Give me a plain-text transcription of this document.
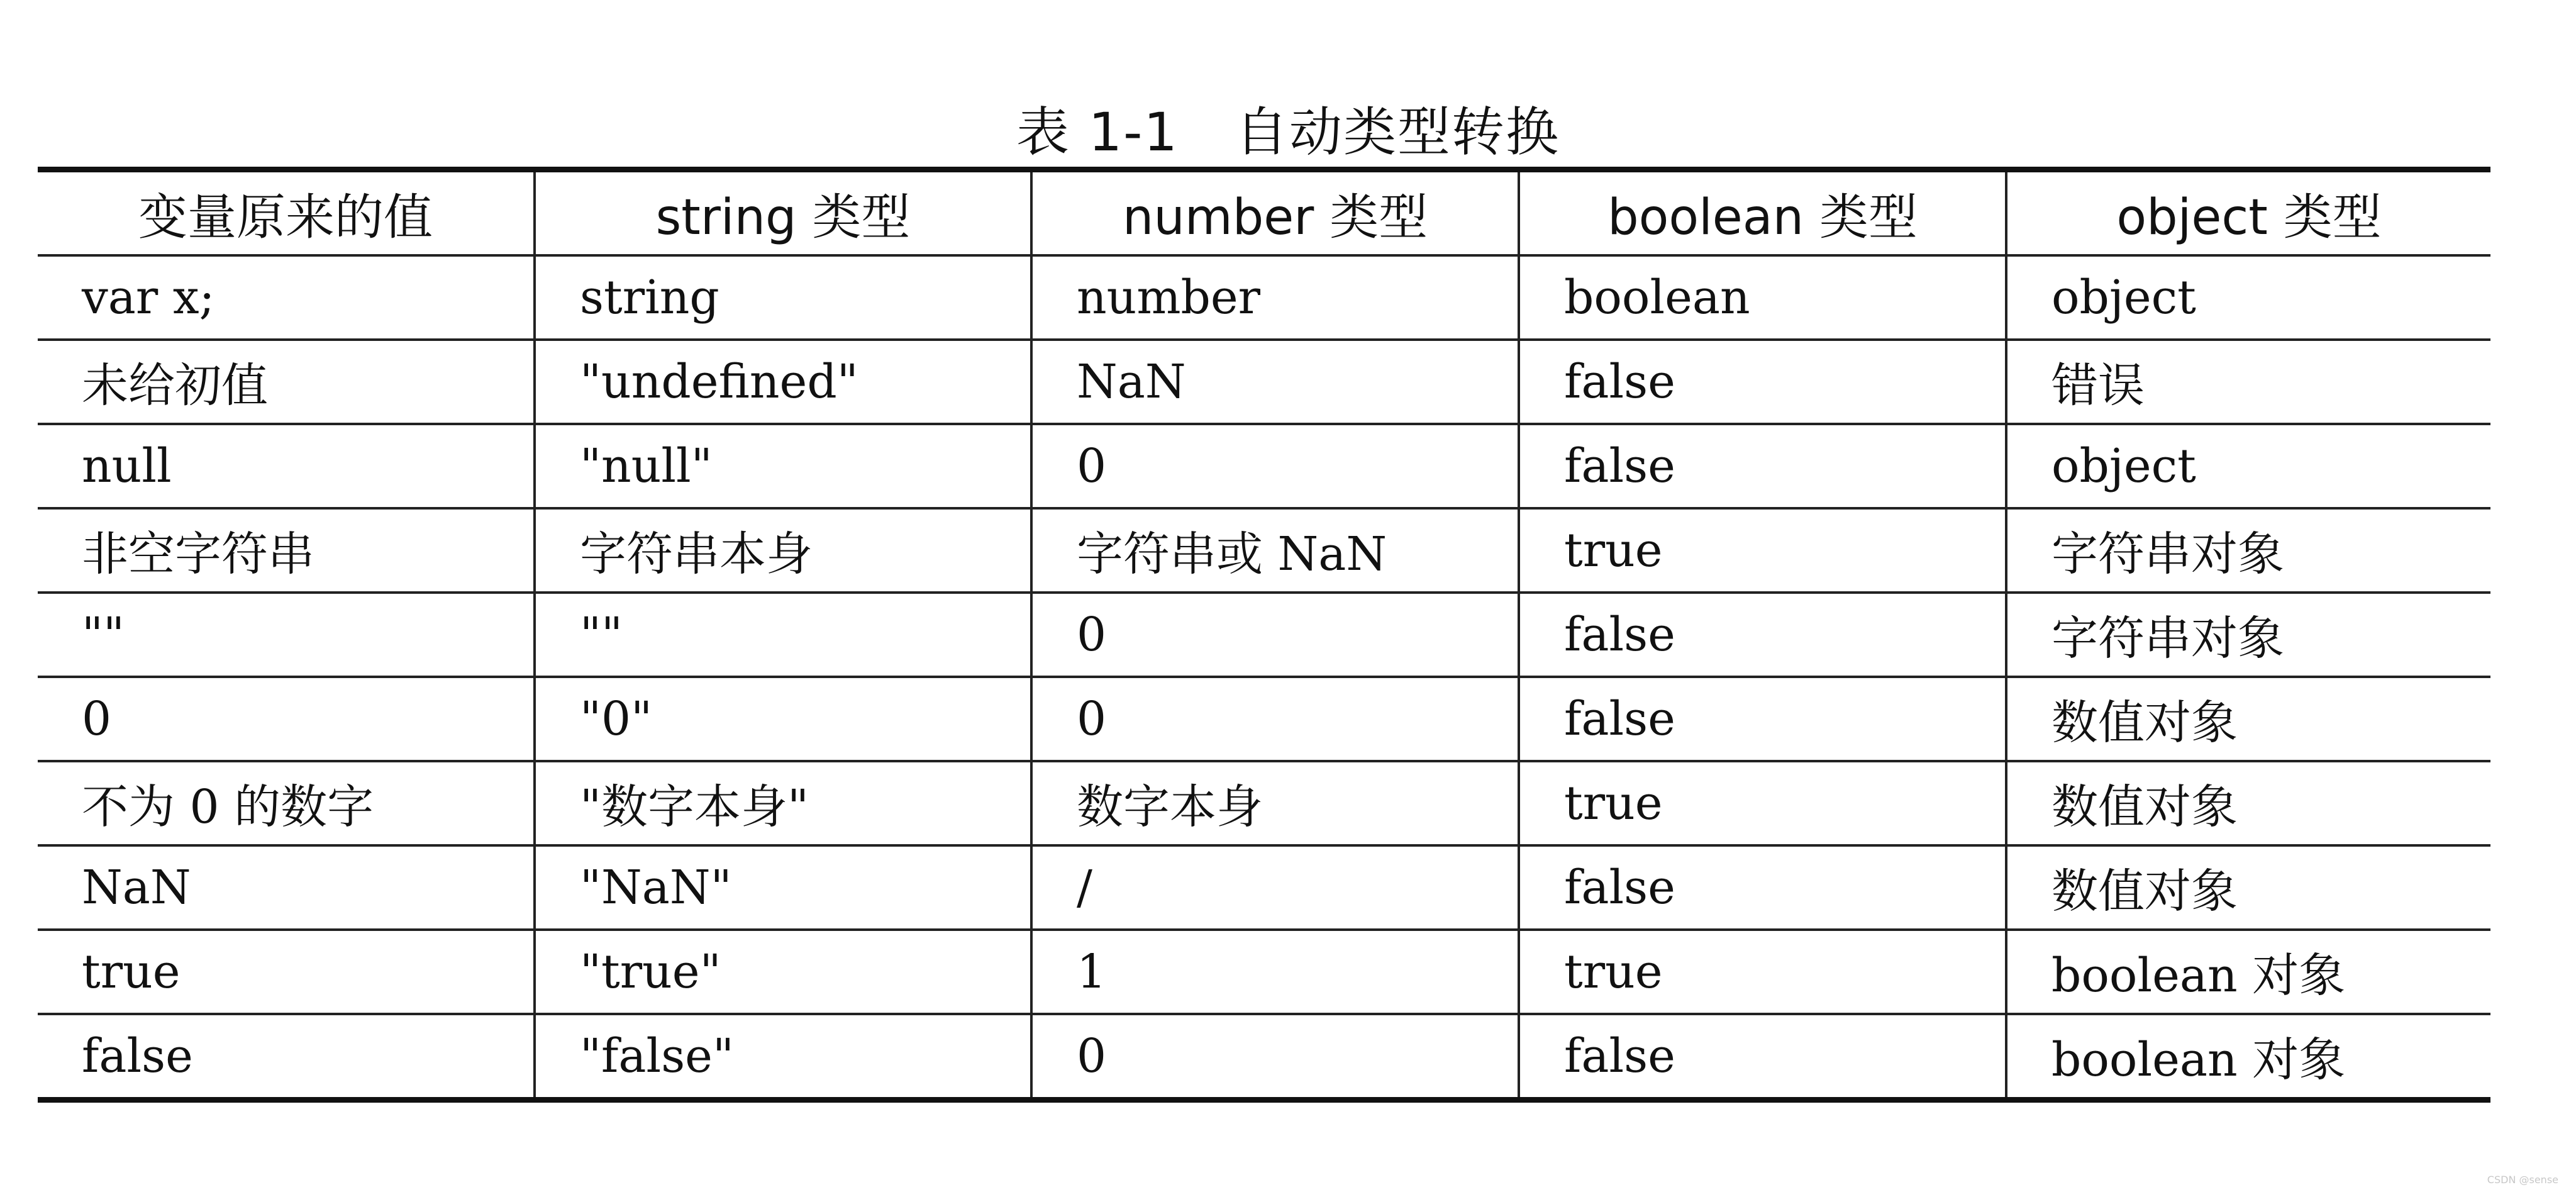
表 1-1 自动类型转换
变量原来的值	string 类型	number 类型	boolean 类型	object 类型
var x;	string	number	boolean	object
未给初值	"undefined"	NaN	false	错误
null	"null"	0	false	object
非空字符串	字符串本身	字符串或 NaN	true	字符串对象
""	""	0	false	字符串对象
0	"0"	0	false	数值对象
不为 0 的数字	"数字本身"	数字本身	true	数值对象
NaN	"NaN"	/	false	数值对象
true	"true"	1	true	boolean 对象
false	"false"	0	false	boolean 对象
CSDN @sense
